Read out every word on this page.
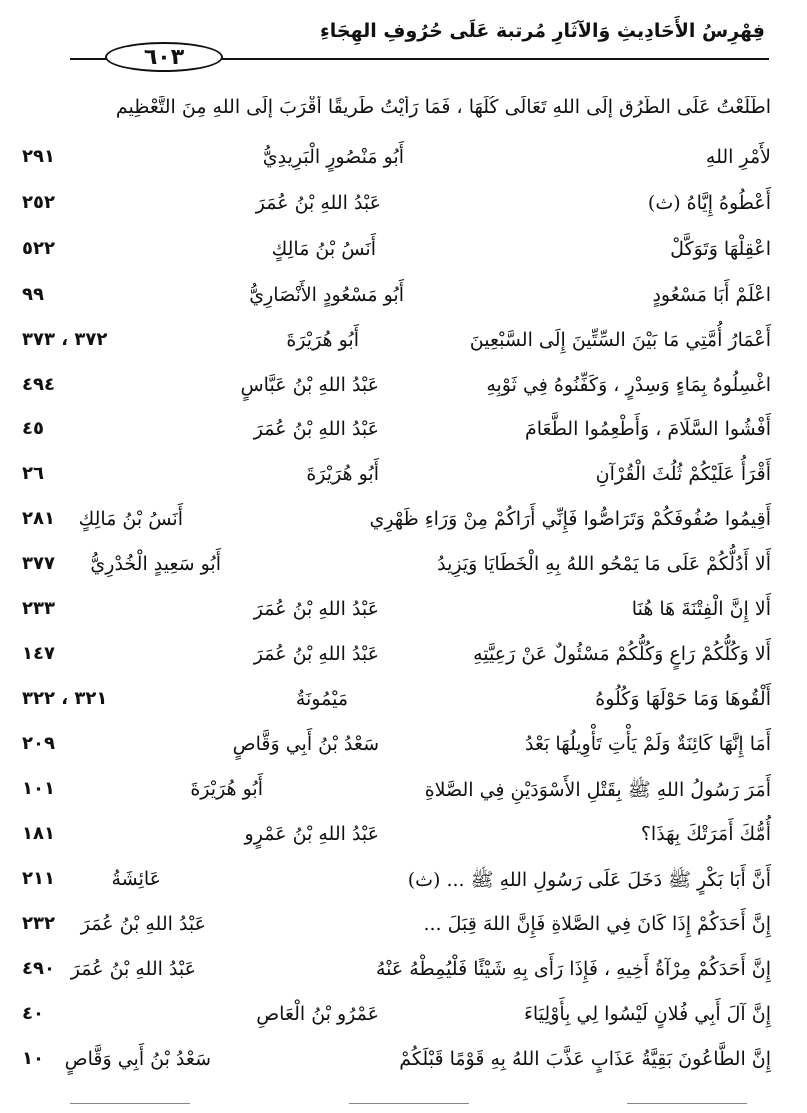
فِهْرِسُ الأَحَادِيثِ وَالآثَارِ مُرتبة عَلَى حُرُوفِ الهِجَاءِ
٦٠٣
اطَّلَعْتُ عَلَى الطُّرُقِ إِلَى اللهِ تَعَالَى كُلِّهَا ، فَمَا رَأَيْتُ طَرِيقًا أَقْرَبَ إِلَى اللهِ مِنَ التَّعْظِيمِ
لأَمْرِ اللهِ
أَبُو مَنْصُورٍ الْبَرِيدِيُّ
٢٩١
أَعْطُوهُ إِيَّاهُ (ث)
عَبْدُ اللهِ بْنُ عُمَرَ
٢٥٢
اعْقِلْهَا وَتَوَكَّلْ
أَنَسُ بْنُ مَالِكٍ
٥٢٢
اعْلَمْ أَبَا مَسْعُودٍ
أَبُو مَسْعُودٍ الأَنْصَارِيُّ
٩٩
أَعْمَارُ أُمَّتِي مَا بَيْنَ السِّتِّينَ إِلَى السَّبْعِينَ
أَبُو هُرَيْرَةَ
٣٧٢ ، ٣٧٣
اغْسِلُوهُ بِمَاءٍ وَسِدْرٍ ، وَكَفِّنُوهُ فِي ثَوْبِهِ
عَبْدُ اللهِ بْنُ عَبَّاسٍ
٤٩٤
أَفْشُوا السَّلَامَ ، وَأَطْعِمُوا الطَّعَامَ
عَبْدُ اللهِ بْنُ عُمَرَ
٤٥
أَقْرَأُ عَلَيْكُمْ ثُلُثَ الْقُرْآنِ
أَبُو هُرَيْرَةَ
٢٦
أَقِيمُوا صُفُوفَكُمْ وَتَرَاصُّوا فَإِنِّي أَرَاكُمْ مِنْ وَرَاءِ ظَهْرِي
أَنَسُ بْنُ مَالِكٍ
٢٨١
أَلا أَدُلُّكُمْ عَلَى مَا يَمْحُو اللهُ بِهِ الْخَطَايَا وَيَزِيدُ
أَبُو سَعِيدٍ الْخُدْرِيُّ
٣٧٧
أَلا إِنَّ الْفِتْنَةَ هَا هُنَا
عَبْدُ اللهِ بْنُ عُمَرَ
٢٣٣
أَلا وَكُلُّكُمْ رَاعٍ وَكُلُّكُمْ مَسْئُولٌ عَنْ رَعِيَّتِهِ
عَبْدُ اللهِ بْنُ عُمَرَ
١٤٧
أَلْقُوهَا وَمَا حَوْلَهَا وَكُلُوهُ
مَيْمُونَةُ
٣٢١ ، ٣٢٢
أَمَا إِنَّهَا كَائِنَةٌ وَلَمْ يَأْتِ تَأْوِيلُهَا بَعْدُ
سَعْدُ بْنُ أَبِي وَقَّاصٍ
٢٠٩
أَمَرَ رَسُولُ اللهِ ﷺ بِقَتْلِ الأَسْوَدَيْنِ فِي الصَّلاةِ
أَبُو هُرَيْرَةَ
١٠١
أُمُّكَ أَمَرَتْكَ بِهَذَا؟
عَبْدُ اللهِ بْنُ عَمْرٍو
١٨١
أَنَّ أَبَا بَكْرٍ ﷺ دَخَلَ عَلَى رَسُولِ اللهِ ﷺ ... (ث)
عَائِشَةُ
٢١١
إِنَّ أَحَدَكُمْ إِذَا كَانَ فِي الصَّلاةِ فَإِنَّ اللهَ قِبَلَ ...
عَبْدُ اللهِ بْنُ عُمَرَ
٢٣٢
إِنَّ أَحَدَكُمْ مِرْآةُ أَخِيهِ ، فَإِذَا رَأَى بِهِ شَيْئًا فَلْيُمِطْهُ عَنْهُ
عَبْدُ اللهِ بْنُ عُمَرَ
٤٩٠
إِنَّ آلَ أَبِي فُلانٍ لَيْسُوا لِي بِأَوْلِيَاءَ
عَمْرُو بْنُ الْعَاصِ
٤٠
إِنَّ الطَّاعُونَ بَقِيَّةُ عَذَابٍ عَذَّبَ اللهُ بِهِ قَوْمًا قَبْلَكُمْ
سَعْدُ بْنُ أَبِي وَقَّاصٍ
١٠
